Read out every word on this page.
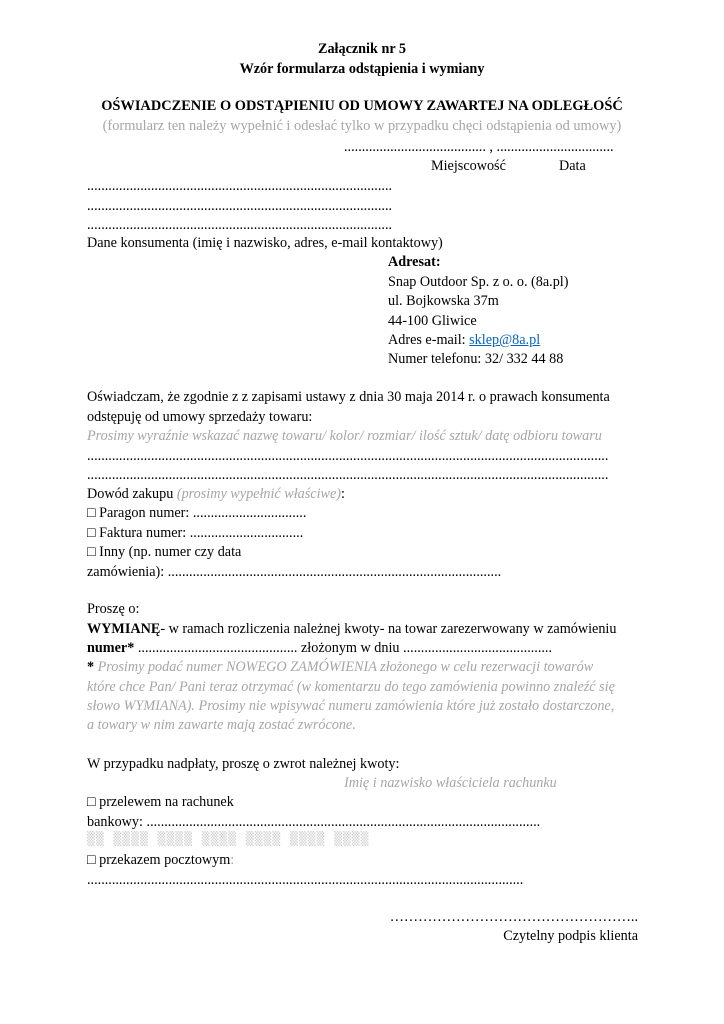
Załącznik nr 5
Wzór formularza odstąpienia i wymiany
OŚWIADCZENIE O ODSTĄPIENIU OD UMOWY ZAWARTEJ NA ODLEGŁOŚĆ
(formularz ten należy wypełnić i odesłać tylko w przypadku chęci odstąpienia od umowy)
........................................ , .................................
Miejscowość	Data
......................................................................................
......................................................................................
......................................................................................
Dane konsumenta (imię i nazwisko, adres, e-mail kontaktowy)
Adresat:
Snap Outdoor Sp. z o. o. (8a.pl)
ul. Bojkowska 37m
44-100 Gliwice
Adres e-mail: sklep@8a.pl
Numer telefonu: 32/ 332 44 88
Oświadczam, że zgodnie z z zapisami ustawy z dnia 30 maja 2014 r. o prawach konsumenta
odstępuję od umowy sprzedaży towaru:
Prosimy wyraźnie wskazać nazwę towaru/ kolor/ rozmiar/ ilość sztuk/ datę odbioru towaru
...................................................................................................................................................
...................................................................................................................................................
Dowód zakupu (prosimy wypełnić właściwe):
□ Paragon numer: ................................
□ Faktura numer: ................................
□ Inny (np. numer czy data
zamówienia): ..............................................................................................
Proszę o:
WYMIANĘ- w ramach rozliczenia należnej kwoty- na towar zarezerwowany w zamówieniu
numer* ............................................. złożonym w dniu ..........................................
* Prosimy podać numer NOWEGO ZAMÓWIENIA złożonego w celu rezerwacji towarów
które chce Pan/ Pani teraz otrzymać (w komentarzu do tego zamówienia powinno znaleźć się
słowo WYMIANA). Prosimy nie wpisywać numeru zamówienia które już zostało dostarczone,
a towary w nim zawarte mają zostać zwrócone.
W przypadku nadpłaty, proszę o zwrot należnej kwoty:
Imię i nazwisko właściciela rachunku
□ przelewem na rachunek
bankowy: ...............................................................................................................
▒▒ ▒▒▒▒ ▒▒▒▒ ▒▒▒▒ ▒▒▒▒ ▒▒▒▒ ▒▒▒▒
□ przekazem pocztowym:
...........................................................................................................................
……………………………………………..
Czytelny podpis klienta
